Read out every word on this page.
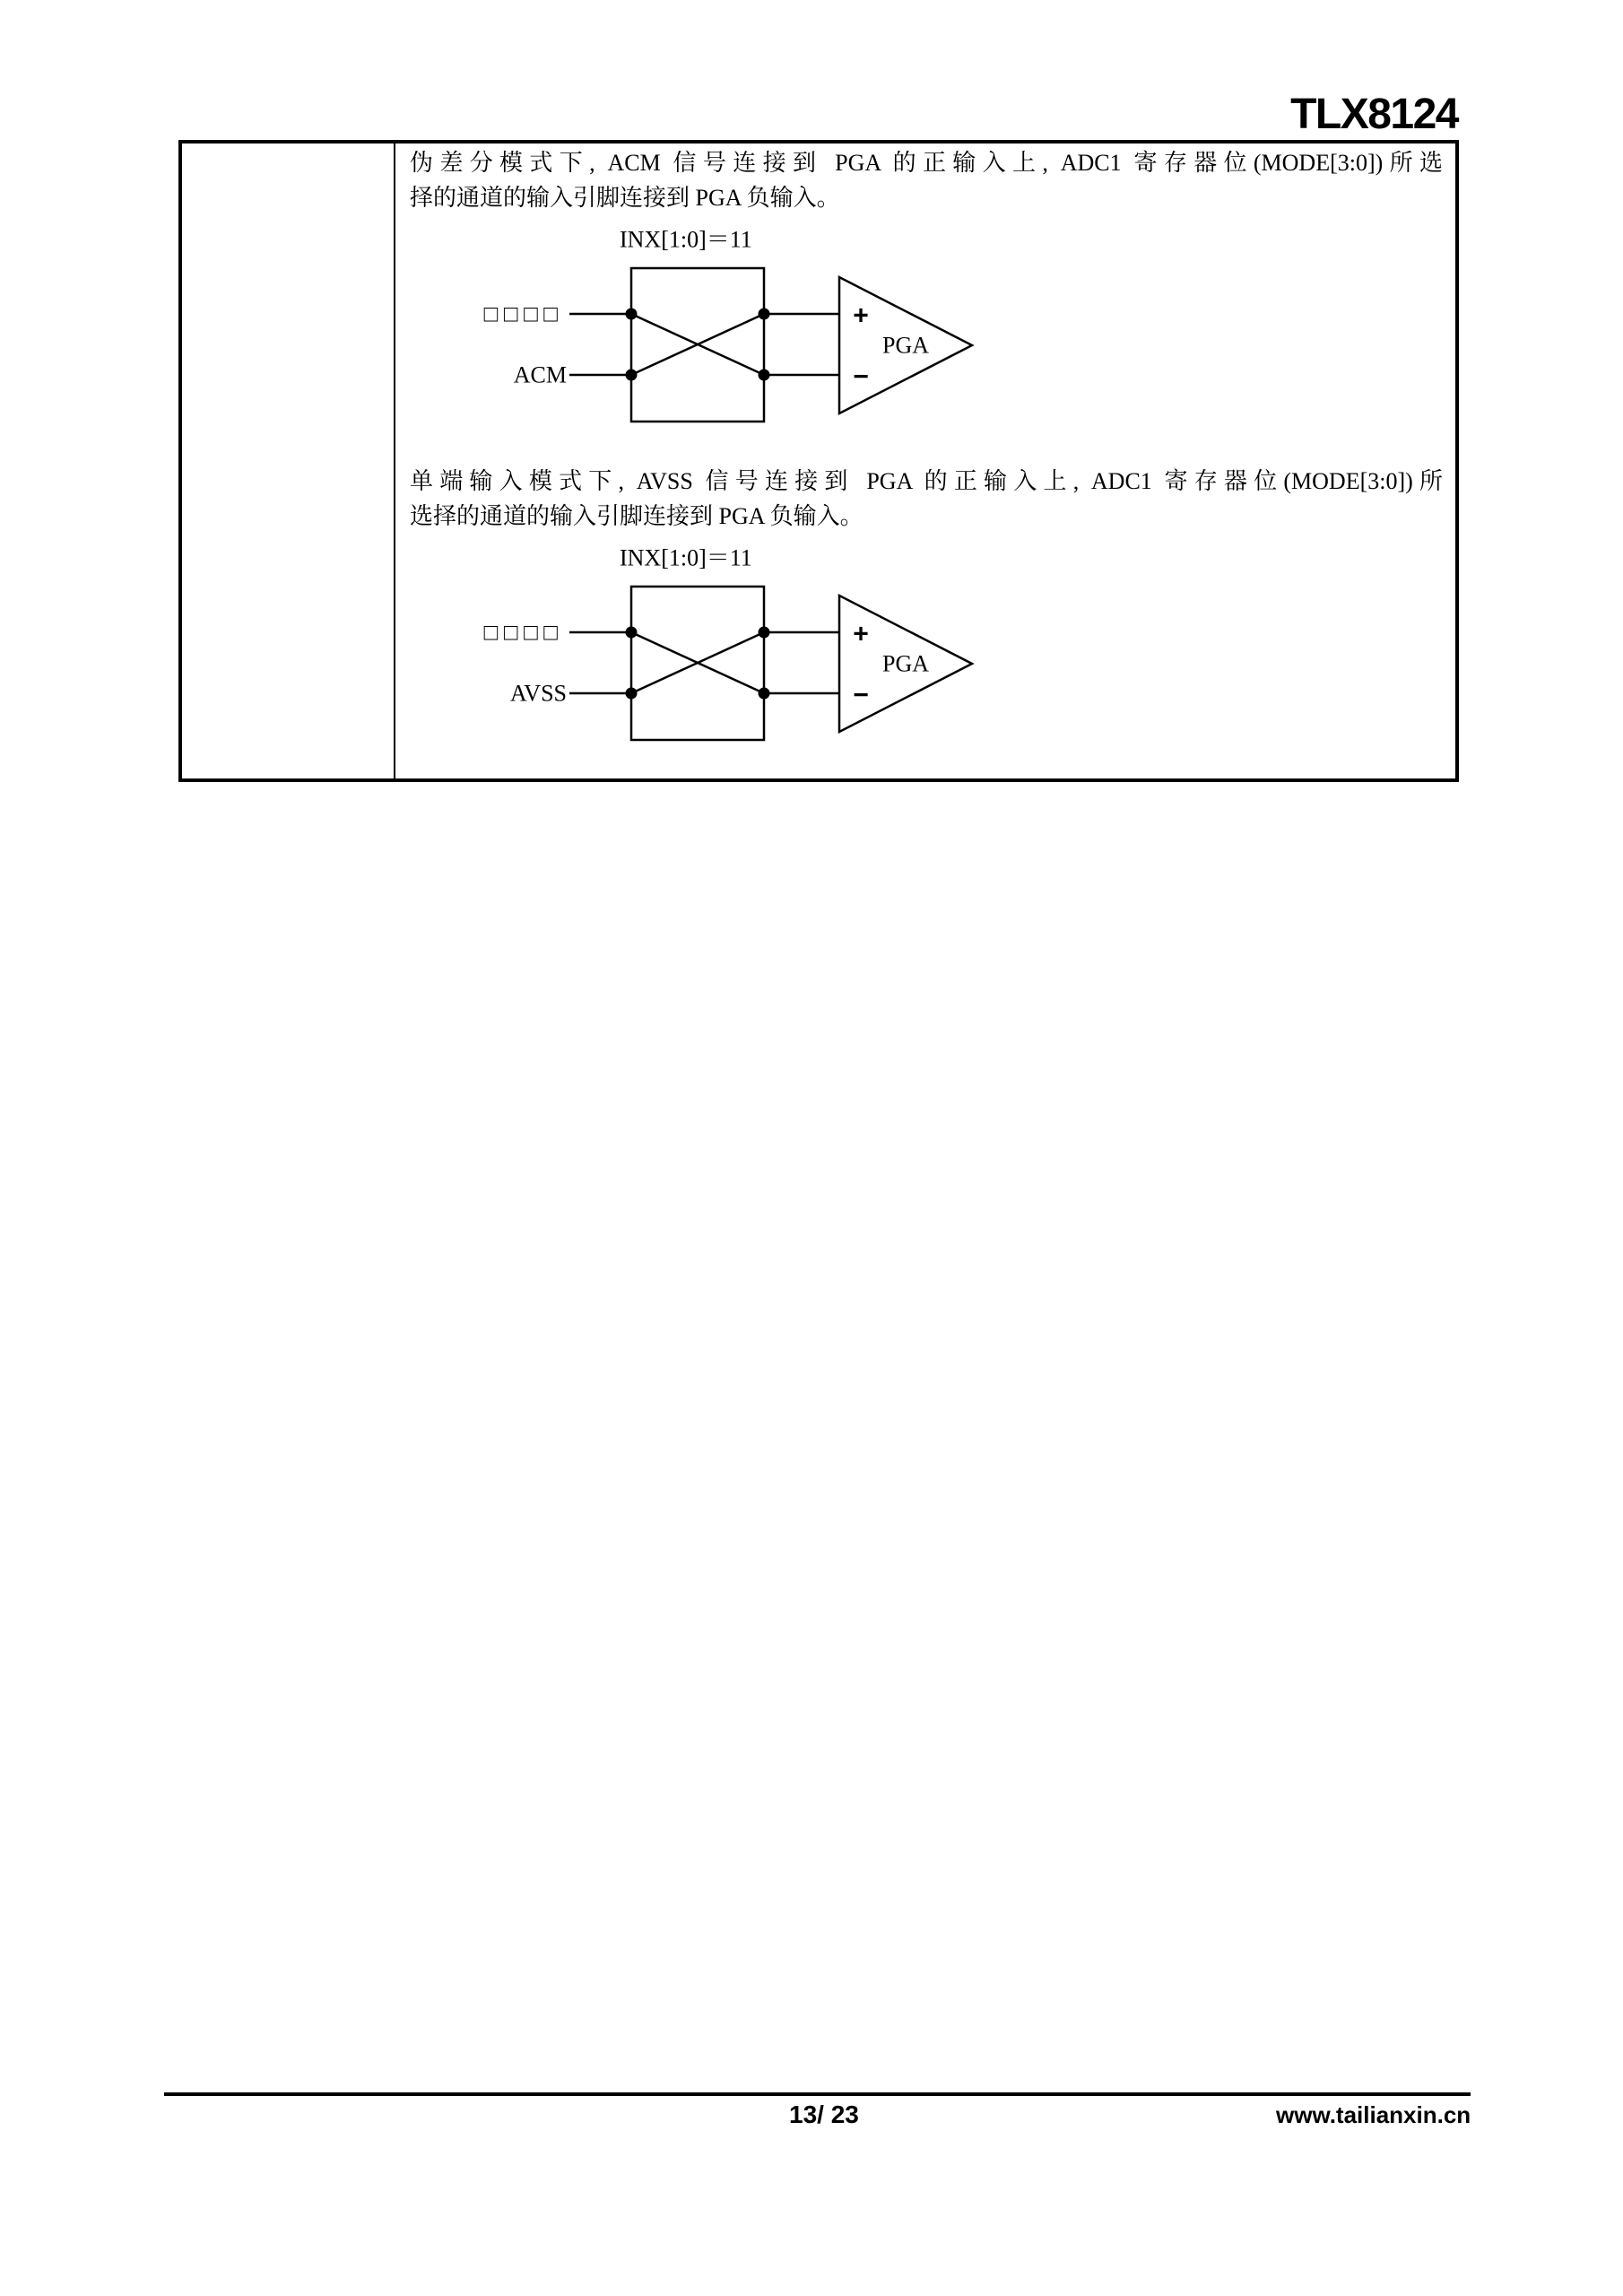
TLX8124
伪差分模式下, ACM 信号连接到 PGA 的正输入上, ADC1 寄存器位(MODE[3:0])所选
择的通道的输入引脚连接到 PGA 负输入。
单端输入模式下, AVSS 信号连接到 PGA 的正输入上, ADC1 寄存器位(MODE[3:0])所
选择的通道的输入引脚连接到 PGA 负输入。
INX[1:0]＝11
□ □ □ □
ACM
+
−
PGA
INX[1:0]＝11
□ □ □ □
AVSS
+
−
PGA
13/ 23	www.tailianxin.cn
